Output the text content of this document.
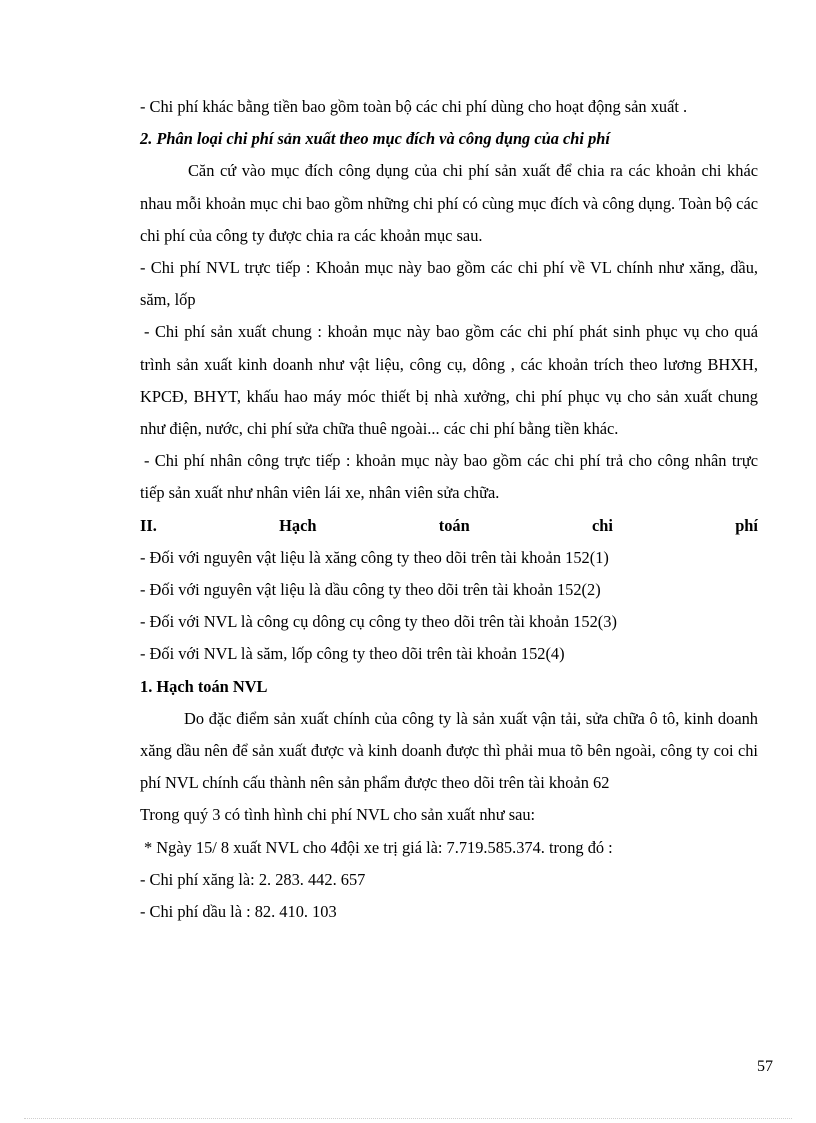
- Chi phí khác bằng tiền bao gồm toàn bộ các chi phí dùng cho hoạt động sản xuất .

2. Phân loại chi phí sản xuất theo mục đích và công dụng của chi phí

Căn cứ vào mục đích công dụng của chi phí sản xuất để chia ra các khoản chi khác nhau mỗi khoản mục chi bao gồm những chi phí có cùng mục đích và công dụng. Toàn bộ các chi phí của công ty được chia ra các khoản mục sau.

- Chi phí NVL trực tiếp : Khoản mục này bao gồm các chi phí về VL chính như xăng, dầu, săm, lốp

- Chi phí sản xuất chung : khoản mục này bao gồm các chi phí phát sinh phục vụ cho quá trình sản xuất kinh doanh như vật liệu, công cụ, dông , các khoản trích theo lương BHXH, KPCĐ, BHYT, khấu hao máy móc thiết bị nhà xưởng, chi phí phục vụ cho sản xuất chung như điện, nước, chi phí sửa chữa thuê ngoài... các chi phí bằng tiền khác.

- Chi phí nhân công trực tiếp : khoản mục này bao gồm các chi phí trả cho công nhân trực tiếp sản xuất như nhân viên lái xe, nhân viên sửa chữa.

II.	Hạch	toán	chi	phí

- Đối với nguyên vật liệu là xăng công ty theo dõi trên tài khoản 152(1)

- Đối với nguyên vật liệu là dầu công ty theo dõi trên tài khoản 152(2)

- Đối với NVL là công cụ dông cụ công ty theo dõi trên tài khoản 152(3)

- Đối với NVL là săm, lốp công ty theo dõi trên tài khoản 152(4)

1. Hạch toán NVL

Do đặc điểm sản xuất chính của công ty là sản xuất vận tải, sửa chữa ô tô, kinh doanh xăng dầu nên để sản xuất được và kinh doanh được thì phải mua tõ bên ngoài, công ty coi chi phí NVL chính cấu thành nên sản phẩm được theo dõi trên tài khoản 62

Trong quý 3 có tình hình chi phí NVL cho sản xuất như sau:

* Ngày 15/ 8 xuất NVL cho 4đội xe trị giá là: 7.719.585.374. trong đó :

- Chi phí xăng là: 2. 283. 442. 657

- Chi phí dầu là : 82. 410. 103

57
